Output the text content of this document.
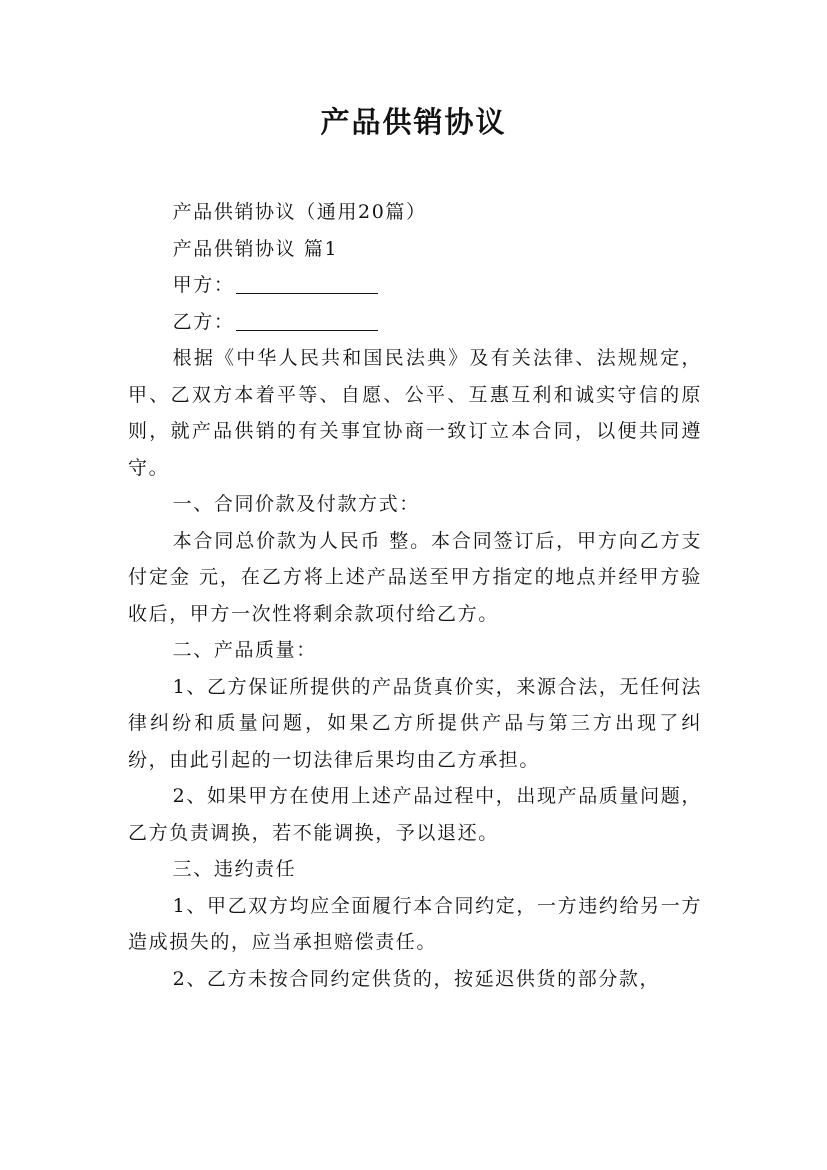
产品供销协议

产品供销协议（通用20篇）

产品供销协议 篇1

甲方：

乙方：

根据《中华人民共和国民法典》及有关法律、法规规定，甲、乙双方本着平等、自愿、公平、互惠互利和诚实守信的原则，就产品供销的有关事宜协商一致订立本合同，以便共同遵守。

一、合同价款及付款方式：

本合同总价款为人民币 整。本合同签订后，甲方向乙方支付定金 元，在乙方将上述产品送至甲方指定的地点并经甲方验收后，甲方一次性将剩余款项付给乙方。

二、产品质量：

1、乙方保证所提供的产品货真价实，来源合法，无任何法律纠纷和质量问题，如果乙方所提供产品与第三方出现了纠纷，由此引起的一切法律后果均由乙方承担。

2、如果甲方在使用上述产品过程中，出现产品质量问题，乙方负责调换，若不能调换，予以退还。

三、违约责任

1、甲乙双方均应全面履行本合同约定，一方违约给另一方造成损失的，应当承担赔偿责任。

2、乙方未按合同约定供货的，按延迟供货的部分款，
